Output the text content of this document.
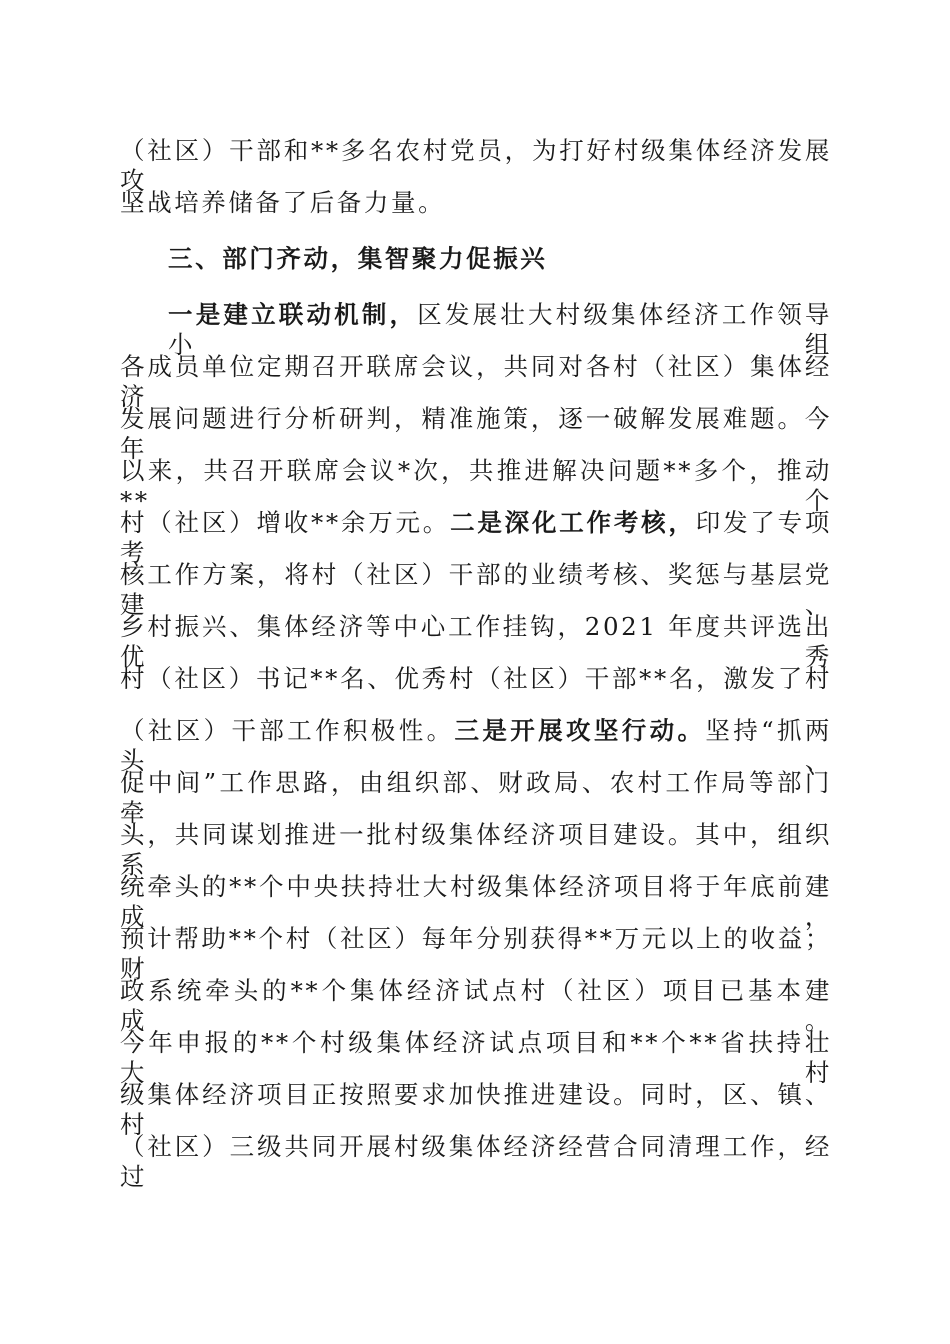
（社区）干部和**多名农村党员，为打好村级集体经济发展攻
坚战培养储备了后备力量。
三、部门齐动，集智聚力促振兴
一是建立联动机制，区发展壮大村级集体经济工作领导小组
各成员单位定期召开联席会议，共同对各村（社区）集体经济
发展问题进行分析研判，精准施策，逐一破解发展难题。今年
以来，共召开联席会议*次，共推进解决问题**多个，推动**个
村（社区）增收**余万元。二是深化工作考核，印发了专项考
核工作方案，将村（社区）干部的业绩考核、奖惩与基层党建、
乡村振兴、集体经济等中心工作挂钩，2021 年度共评选出优秀
村（社区）书记**名、优秀村（社区）干部**名，激发了村
（社区）干部工作积极性。三是开展攻坚行动。坚持“抓两头、
促中间”工作思路，由组织部、财政局、农村工作局等部门牵
头，共同谋划推进一批村级集体经济项目建设。其中，组织系
统牵头的**个中央扶持壮大村级集体经济项目将于年底前建成，
预计帮助**个村（社区）每年分别获得**万元以上的收益；财
政系统牵头的**个集体经济试点村（社区）项目已基本建成。
今年申报的**个村级集体经济试点项目和**个**省扶持壮大村
级集体经济项目正按照要求加快推进建设。同时，区、镇、村
（社区）三级共同开展村级集体经济经营合同清理工作，经过
